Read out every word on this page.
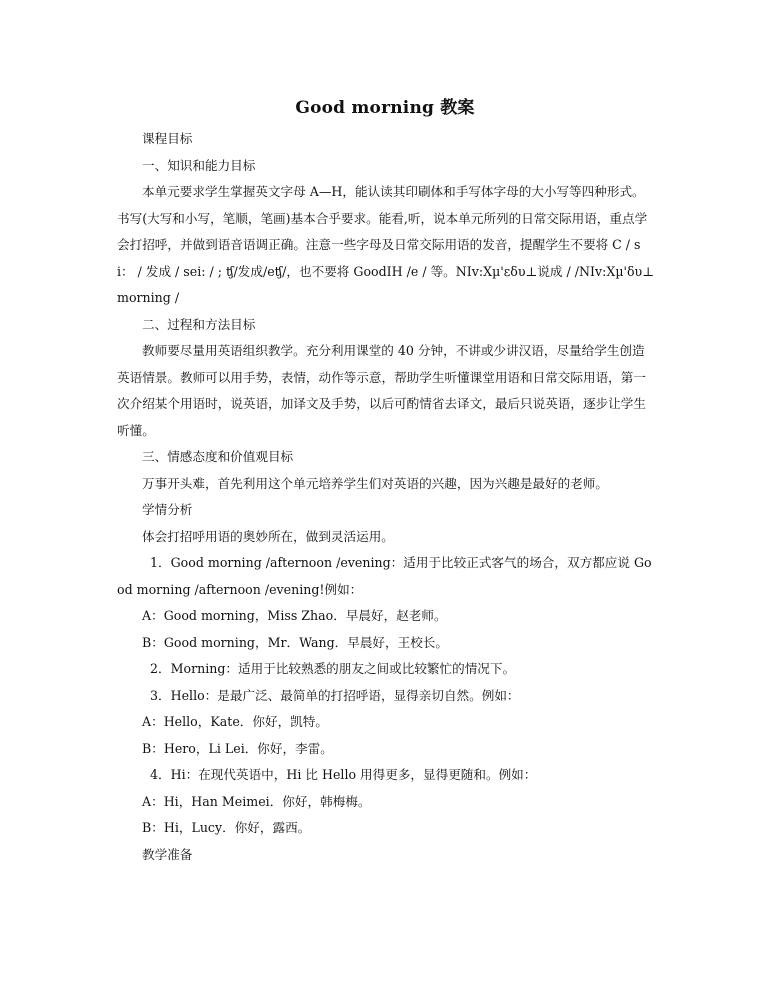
Good morning 教案

课程目标

一、知识和能力目标

本单元要求学生掌握英文字母 A—H，能认读其印刷体和手写体字母的大小写等四种形式。书写(大写和小写，笔顺，笔画)基本合乎要求。能看,听，说本单元所列的日常交际用语，重点学会打招呼，并做到语音语调正确。注意一些字母及日常交际用语的发音，提醒学生不要将 C / si： / 发成 / sei: / ; ʧ/发成/eʧ/，也不要将 GoodIH /e / 等。NIv:Xµ'εδυ⊥说成 / /NIv:Xµ'δυ⊥morning /

二、过程和方法目标

教师要尽量用英语组织教学。充分利用课堂的 40 分钟，不讲或少讲汉语，尽量给学生创造英语情景。教师可以用手势，表情，动作等示意，帮助学生听懂课堂用语和日常交际用语，第一次介绍某个用语时，说英语，加译文及手势，以后可酌情省去译文，最后只说英语，逐步让学生听懂。

三、情感态度和价值观目标

万事开头难，首先利用这个单元培养学生们对英语的兴趣，因为兴趣是最好的老师。

学情分析

体会打招呼用语的奥妙所在，做到灵活运用。

1．Good morning /afternoon /evening：适用于比较正式客气的场合，双方都应说 Good morning /afternoon /evening!例如：

A：Good morning，Miss Zhao．早晨好，赵老师。

B：Good morning，Mr．Wang．早晨好，王校长。

2．Morning：适用于比较熟悉的朋友之间或比较繁忙的情况下。

3．Hello：是最广泛、最简单的打招呼语，显得亲切自然。例如：

A：Hello，Kate．你好，凯特。

B：Hero，Li Lei．你好，李雷。

4．Hi：在现代英语中，Hi 比 Hello 用得更多，显得更随和。例如：

A：Hi，Han Meimei．你好，韩梅梅。

B：Hi，Lucy．你好，露西。

教学准备
